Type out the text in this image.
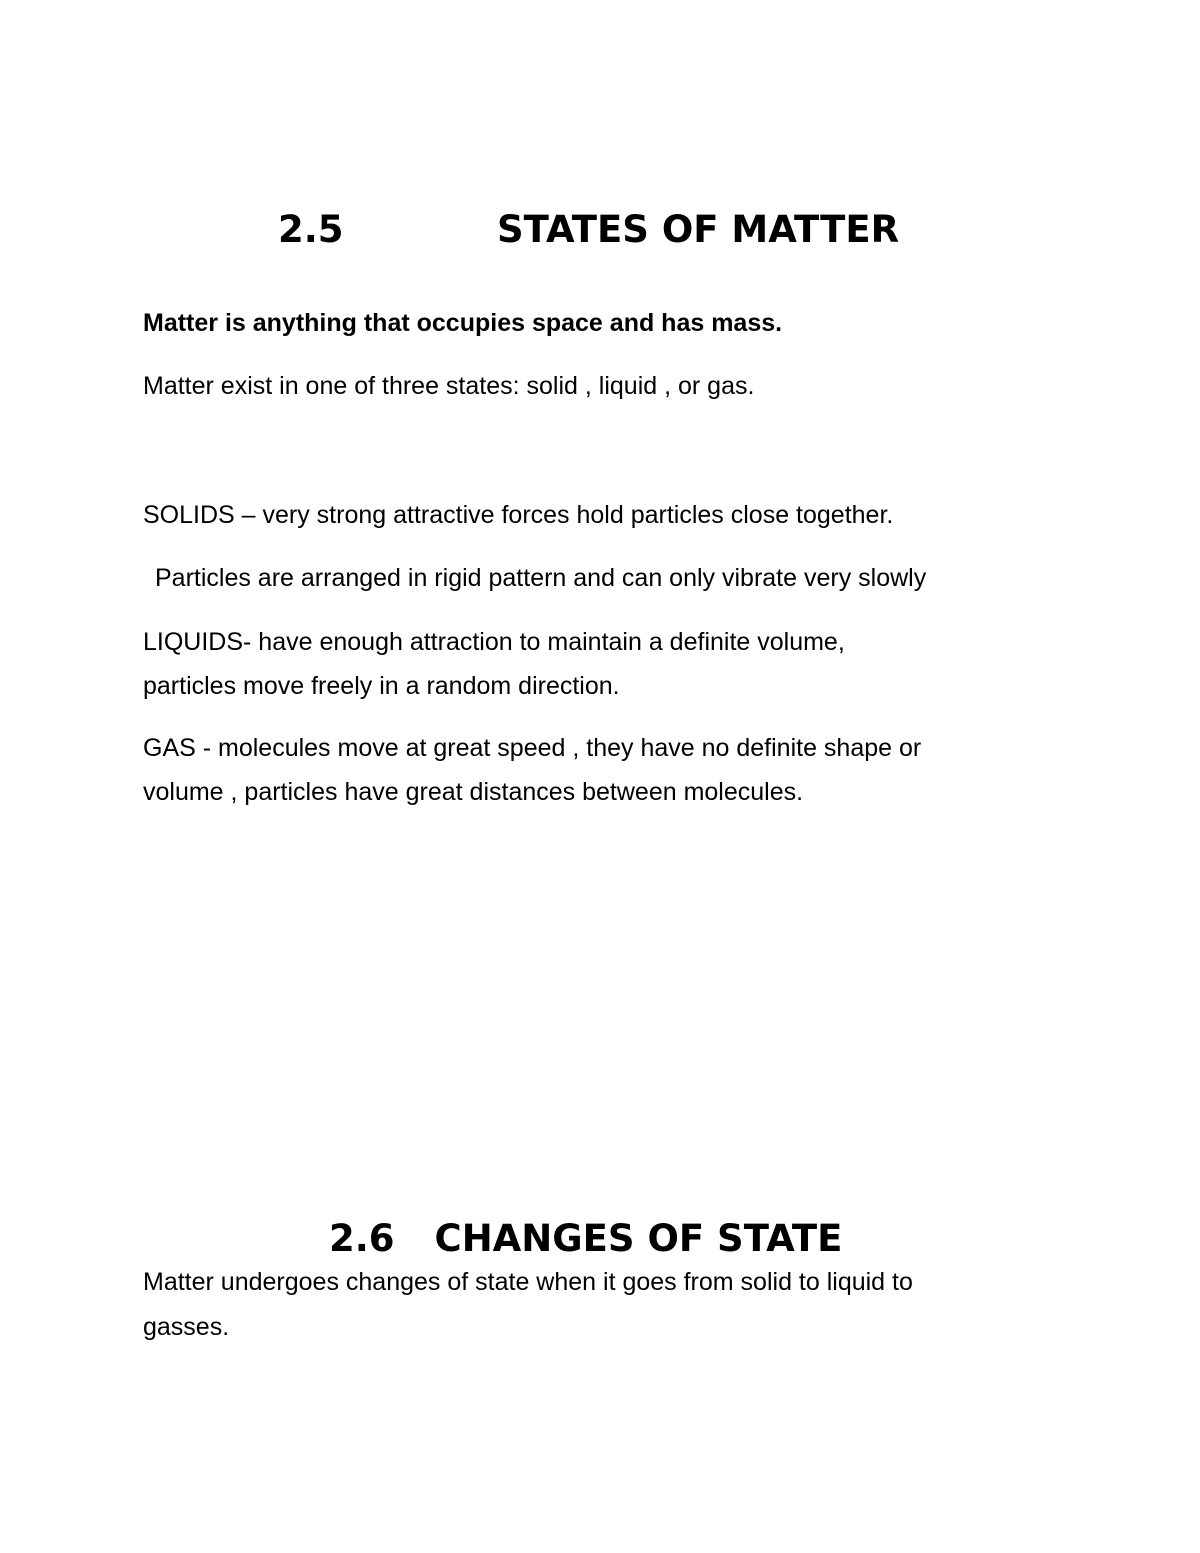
2.5	STATES OF MATTER
Matter is anything that occupies space and has mass.
Matter exist in one of three states: solid , liquid , or gas.
SOLIDS – very strong attractive forces hold particles close together.
Particles are arranged in rigid pattern and can only vibrate very slowly
LIQUIDS- have enough attraction to maintain a definite volume,
particles move freely in a random direction.
GAS - molecules move at great speed , they have no definite shape or
volume , particles have great distances between molecules.
2.6 CHANGES OF STATE
Matter undergoes changes of state when it goes from solid to liquid to
gasses.
